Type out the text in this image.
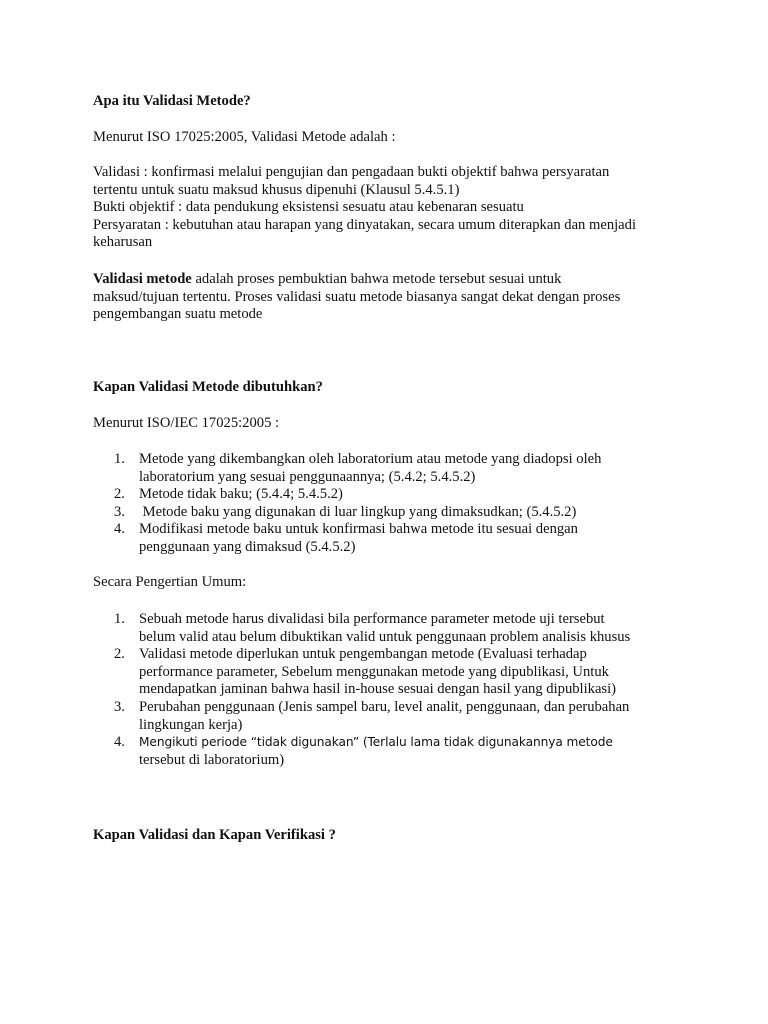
Apa itu Validasi Metode?

Menurut ISO 17025:2005, Validasi Metode adalah :

Validasi : konfirmasi melalui pengujian dan pengadaan bukti objektif bahwa persyaratan

tertentu untuk suatu maksud khusus dipenuhi (Klausul 5.4.5.1)

Bukti objektif : data pendukung eksistensi sesuatu atau kebenaran sesuatu

Persyaratan : kebutuhan atau harapan yang dinyatakan, secara umum diterapkan dan menjadi

keharusan

Validasi metode adalah proses pembuktian bahwa metode tersebut sesuai untuk

maksud/tujuan tertentu. Proses validasi suatu metode biasanya sangat dekat dengan proses

pengembangan suatu metode

Kapan Validasi Metode dibutuhkan?

Menurut ISO/IEC 17025:2005 :

1. Metode yang dikembangkan oleh laboratorium atau metode yang diadopsi oleh

laboratorium yang sesuai penggunaannya; (5.4.2; 5.4.5.2)

2. Metode tidak baku; (5.4.4; 5.4.5.2)

3. Metode baku yang digunakan di luar lingkup yang dimaksudkan; (5.4.5.2)

4. Modifikasi metode baku untuk konfirmasi bahwa metode itu sesuai dengan

penggunaan yang dimaksud (5.4.5.2)

Secara Pengertian Umum:

1. Sebuah metode harus divalidasi bila performance parameter metode uji tersebut

belum valid atau belum dibuktikan valid untuk penggunaan problem analisis khusus

2. Validasi metode diperlukan untuk pengembangan metode (Evaluasi terhadap

performance parameter, Sebelum menggunakan metode yang dipublikasi, Untuk

mendapatkan jaminan bahwa hasil in-house sesuai dengan hasil yang dipublikasi)

3. Perubahan penggunaan (Jenis sampel baru, level analit, penggunaan, dan perubahan

lingkungan kerja)

4. Mengikuti periode “tidak digunakan” (Terlalu lama tidak digunakannya metode

tersebut di laboratorium)

Kapan Validasi dan Kapan Verifikasi ?
